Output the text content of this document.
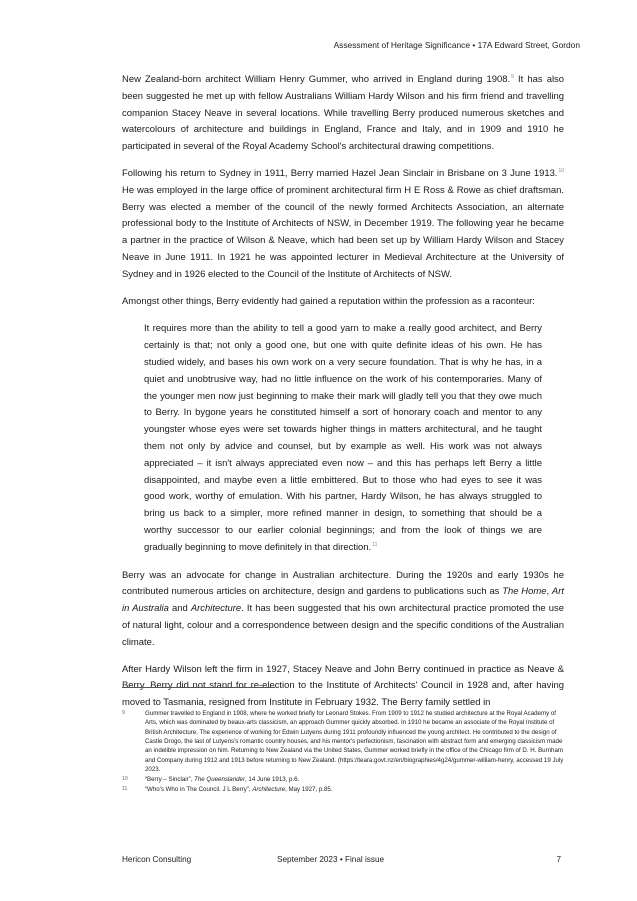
Assessment of Heritage Significance • 17A Edward Street, Gordon

New Zealand-born architect William Henry Gummer, who arrived in England during 1908.$^9$ It has also been suggested he met up with fellow Australians William Hardy Wilson and his firm friend and travelling companion Stacey Neave in several locations. While travelling Berry produced numerous sketches and watercolours of architecture and buildings in England, France and Italy, and in 1909 and 1910 he participated in several of the Royal Academy School's architectural drawing competitions.

Following his return to Sydney in 1911, Berry married Hazel Jean Sinclair in Brisbane on 3 June 1913.10 He was employed in the large office of prominent architectural firm H E Ross & Rowe as chief draftsman. Berry was elected a member of the council of the newly formed Architects Association, an alternate professional body to the Institute of Architects of NSW, in December 1919. The following year he became a partner in the practice of Wilson & Neave, which had been set up by William Hardy Wilson and Stacey Neave in June 1911. In 1921 he was appointed lecturer in Medieval Architecture at the University of Sydney and in 1926 elected to the Council of the Institute of Architects of NSW.

Amongst other things, Berry evidently had gained a reputation within the profession as a raconteur:

It requires more than the ability to tell a good yarn to make a really good architect, and Berry certainly is that; not only a good one, but one with quite definite ideas of his own. He has studied widely, and bases his own work on a very secure foundation. That is why he has, in a quiet and unobtrusive way, had no little influence on the work of his contemporaries. Many of the younger men now just beginning to make their mark will gladly tell you that they owe much to Berry. In bygone years he constituted himself a sort of honorary coach and mentor to any youngster whose eyes were set towards higher things in matters architectural, and he taught them not only by advice and counsel, but by example as well. His work was not always appreciated – it isn't always appreciated even now – and this has perhaps left Berry a little disappointed, and maybe even a little embittered. But to those who had eyes to see it was good work, worthy of emulation. With his partner, Hardy Wilson, he has always struggled to bring us back to a simpler, more refined manner in design, to something that should be a worthy successor to our earlier colonial beginnings; and from the look of things we are gradually beginning to move definitely in that direction.$^{11}$

Berry was an advocate for change in Australian architecture. During the 1920s and early 1930s he contributed numerous articles on architecture, design and gardens to publications such as The Home, Art in Australia and Architecture. It has been suggested that his own architectural practice promoted the use of natural light, colour and a correspondence between design and the specific conditions of the Australian climate.

After Hardy Wilson left the firm in 1927, Stacey Neave and John Berry continued in practice as Neave & Berry. Berry did not stand for re-election to the Institute of Architects' Council in 1928 and, after having moved to Tasmania, resigned from Institute in February 1932. The Berry family settled in

9	Gummer travelled to England in 1908, where he worked briefly for Leonard Stokes. From 1909 to 1912 he studied architecture at the Royal Academy of Arts, which was dominated by beaux-arts classicism, an approach Gummer quickly absorbed. In 1910 he became an associate of the Royal Institute of British Architecture. The experience of working for Edwin Lutyens during 1911 profoundly influenced the young architect. He contributed to the design of Castle Drogo, the last of Lutyens's romantic country houses, and his mentor's perfectionism, fascination with abstract form and emerging classicism made an indelible impression on him. Returning to New Zealand via the United States, Gummer worked briefly in the office of the Chicago firm of D. H. Burnham and Company during 1912 and 1913 before returning to New Zealand. (https://teara.govt.nz/en/biographies/4g24/gummer-william-henry, accessed 19 July 2023.
10	“Berry – Sinclair”, The Queenslander, 14 June 1913, p.6.
11	“Who's Who in The Council. J L Berry”, Architecture, May 1927, p.85.
Hericon Consulting	September 2023 • Final issue	7
